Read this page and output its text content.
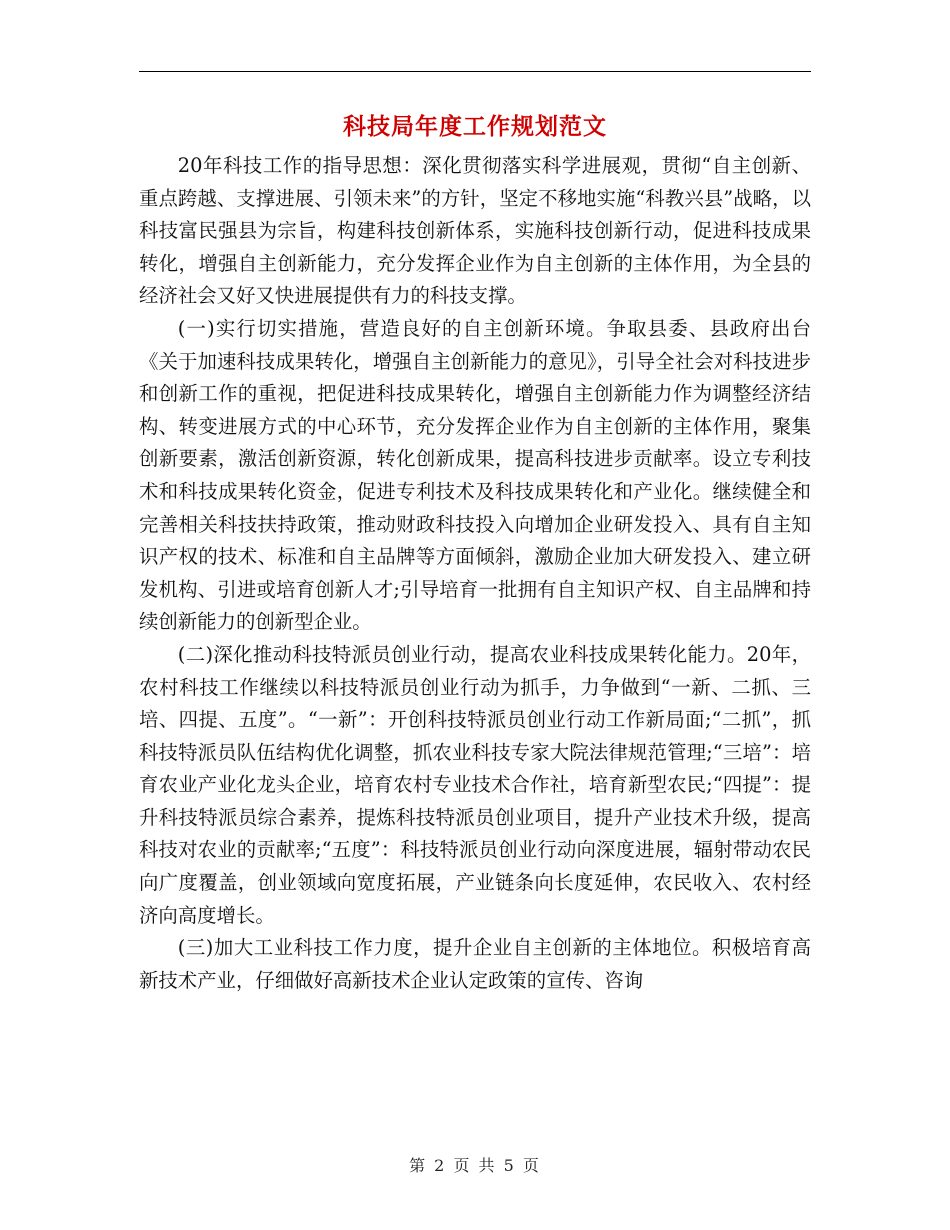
科技局年度工作规划范文

20年科技工作的指导思想：深化贯彻落实科学进展观，贯彻“自主创新、重点跨越、支撑进展、引领未来”的方针，坚定不移地实施“科教兴县”战略，以科技富民强县为宗旨，构建科技创新体系，实施科技创新行动，促进科技成果转化，增强自主创新能力，充分发挥企业作为自主创新的主体作用，为全县的经济社会又好又快进展提供有力的科技支撑。

(一)实行切实措施，营造良好的自主创新环境。争取县委、县政府出台《关于加速科技成果转化，增强自主创新能力的意见》，引导全社会对科技进步和创新工作的重视，把促进科技成果转化，增强自主创新能力作为调整经济结构、转变进展方式的中心环节，充分发挥企业作为自主创新的主体作用，聚集创新要素，激活创新资源，转化创新成果，提高科技进步贡献率。设立专利技术和科技成果转化资金，促进专利技术及科技成果转化和产业化。继续健全和完善相关科技扶持政策，推动财政科技投入向增加企业研发投入、具有自主知识产权的技术、标准和自主品牌等方面倾斜，激励企业加大研发投入、建立研发机构、引进或培育创新人才;引导培育一批拥有自主知识产权、自主品牌和持续创新能力的创新型企业。

(二)深化推动科技特派员创业行动，提高农业科技成果转化能力。20年，农村科技工作继续以科技特派员创业行动为抓手，力争做到“一新、二抓、三培、四提、五度”。“一新”：开创科技特派员创业行动工作新局面;“二抓”，抓科技特派员队伍结构优化调整，抓农业科技专家大院法律规范管理;“三培”：培育农业产业化龙头企业，培育农村专业技术合作社，培育新型农民;“四提”：提升科技特派员综合素养，提炼科技特派员创业项目，提升产业技术升级，提高科技对农业的贡献率;“五度”：科技特派员创业行动向深度进展，辐射带动农民向广度覆盖，创业领域向宽度拓展，产业链条向长度延伸，农民收入、农村经济向高度增长。

(三)加大工业科技工作力度，提升企业自主创新的主体地位。积极培育高新技术产业，仔细做好高新技术企业认定政策的宣传、咨询

第 2 页 共 5 页
